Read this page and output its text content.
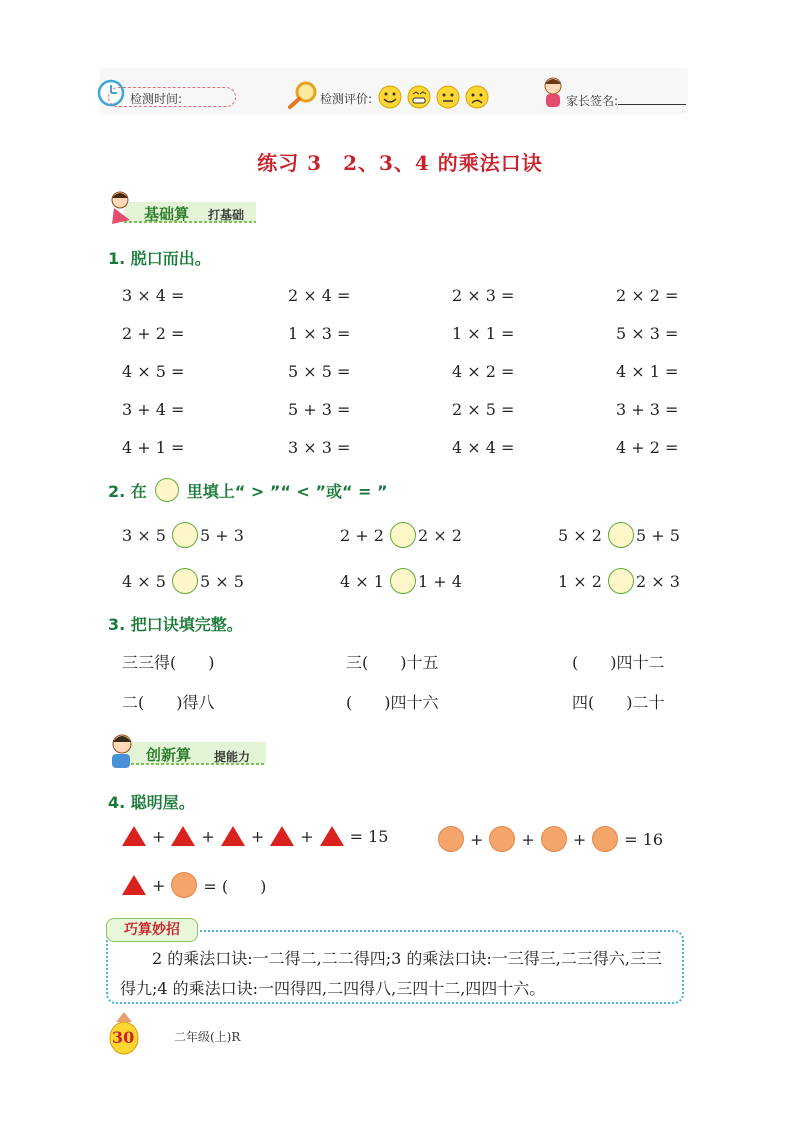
检测时间:	检测评价:	家长签名:
练习 3　2、3、4 的乘法口诀
基础算 打基础
1. 脱口而出。
3 × 4 =	2 × 4 =	2 × 3 =	2 × 2 =
2 + 2 =	1 × 3 =	1 × 1 =	5 × 3 =
4 × 5 =	5 × 5 =	4 × 2 =	4 × 1 =
3 + 4 =	5 + 3 =	2 × 5 =	3 + 3 =
4 + 1 =	3 × 3 =	4 × 4 =	4 + 2 =
2. 在	里填上“ > ”“ < ”或“ = ”
3 × 5 5 + 3	2 + 2 2 × 2	5 × 2 5 + 5
4 × 5 5 × 5	4 × 1 1 + 4	1 × 2 2 × 3
3. 把口诀填完整。
三三得(　　)	三(　　)十五	(　　)四十二
二(　　)得八	(　　)四十六	四(　　)二十
创新算 提能力
4. 聪明屋。
+ + + + = 15	+ + + = 16
+ = (　　)
巧算妙招
2 的乘法口诀:一二得二,二二得四;3 的乘法口诀:一三得三,二三得六,三三得九;4 的乘法口诀:一四得四,二四得八,三四十二,四四十六。
30	二年级(上)R
